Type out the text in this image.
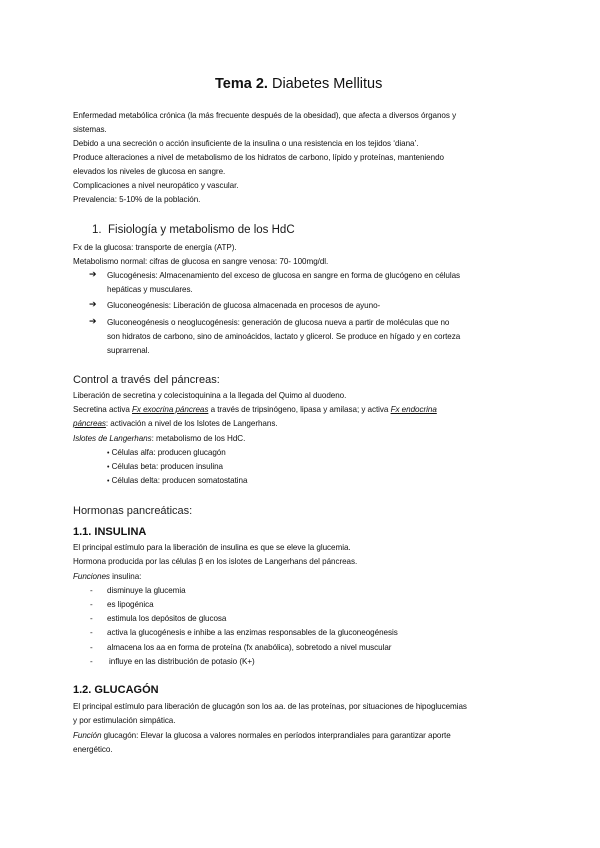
Tema 2. Diabetes Mellitus
Enfermedad metabólica crónica (la más frecuente después de la obesidad), que afecta a diversos órganos y
sistemas.
Debido a una secreción o acción insuficiente de la insulina o una resistencia en los tejidos ‘diana’.
Produce alteraciones a nivel de metabolismo de los hidratos de carbono, lípido y proteínas, manteniendo
elevados los niveles de glucosa en sangre.
Complicaciones a nivel neuropático y vascular.
Prevalencia: 5-10% de la población.
1. Fisiología y metabolismo de los HdC
Fx de la glucosa: transporte de energía (ATP).
Metabolismo normal: cifras de glucosa en sangre venosa: 70- 100mg/dl.
➔ Glucogénesis: Almacenamiento del exceso de glucosa en sangre en forma de glucógeno en células
hepáticas y musculares.
➔ Gluconeogénesis: Liberación de glucosa almacenada en procesos de ayuno-
➔ Gluconeogénesis o neoglucogénesis: generación de glucosa nueva a partir de moléculas que no
son hidratos de carbono, sino de aminoácidos, lactato y glicerol. Se produce en hígado y en corteza
suprarrenal.
Control a través del páncreas:
Liberación de secretina y colecistoquinina a la llegada del Quimo al duodeno.
Secretina activa Fx exocrina páncreas a través de tripsinógeno, lipasa y amilasa; y activa Fx endocrina
páncreas: activación a nivel de los Islotes de Langerhans.
Islotes de Langerhans: metabolismo de los HdC.
• Células alfa: producen glucagón
• Células beta: producen insulina
• Células delta: producen somatostatina
Hormonas pancreáticas:
1.1. INSULINA
El principal estímulo para la liberación de insulina es que se eleve la glucemia.
Hormona producida por las células β en los islotes de Langerhans del páncreas.
Funciones insulina:
- disminuye la glucemia
- es lipogénica
- estimula los depósitos de glucosa
- activa la glucogénesis e inhibe a las enzimas responsables de la gluconeogénesis
- almacena los aa en forma de proteína (fx anabólica), sobretodo a nivel muscular
- influye en las distribución de potasio (K+)
1.2. GLUCAGÓN
El principal estímulo para liberación de glucagón son los aa. de las proteínas, por situaciones de hipoglucemias
y por estimulación simpática.
Función glucagón: Elevar la glucosa a valores normales en períodos interprandiales para garantizar aporte
energético.
